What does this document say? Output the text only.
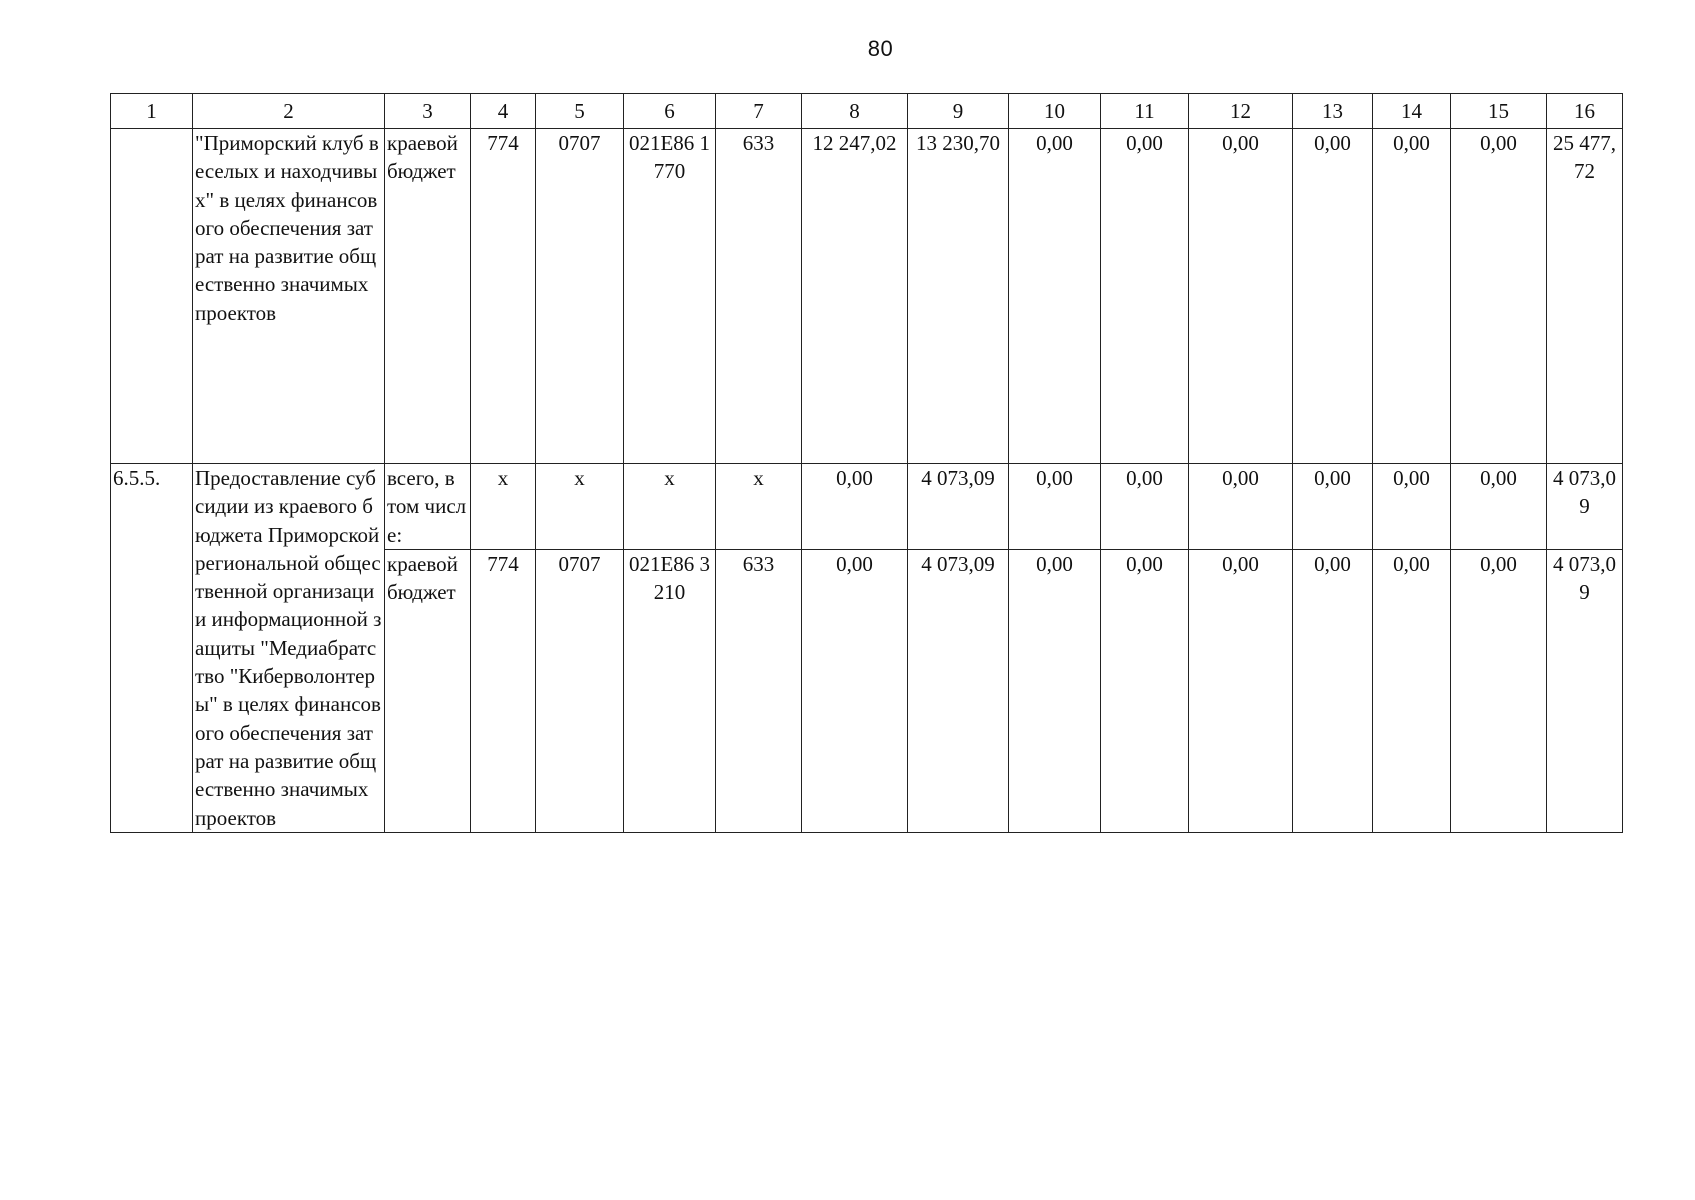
80
1	2	3	4	5	6	7	8	9	10	11	12	13	14	15	16
	"Приморский клуб веселых и находчивых" в целях финансового обеспечения затрат на развитие общественно значимых проектов	краевой бюджет	774	0707	021E86 1770	633	12 247,02	13 230,70	0,00	0,00	0,00	0,00	0,00	0,00	25 477,72
6.5.5.	Предоставление субсидии из краевого бюджета Приморской региональной общественной организации информационной защиты "Медиабратство "Киберволонтеры" в целях финансового обеспечения затрат на развитие общественно значимых проектов	всего, в том числе:	х	х	х	х	0,00	4 073,09	0,00	0,00	0,00	0,00	0,00	0,00	4 073,09
		краевой бюджет	774	0707	021E86 3210	633	0,00	4 073,09	0,00	0,00	0,00	0,00	0,00	0,00	4 073,09
